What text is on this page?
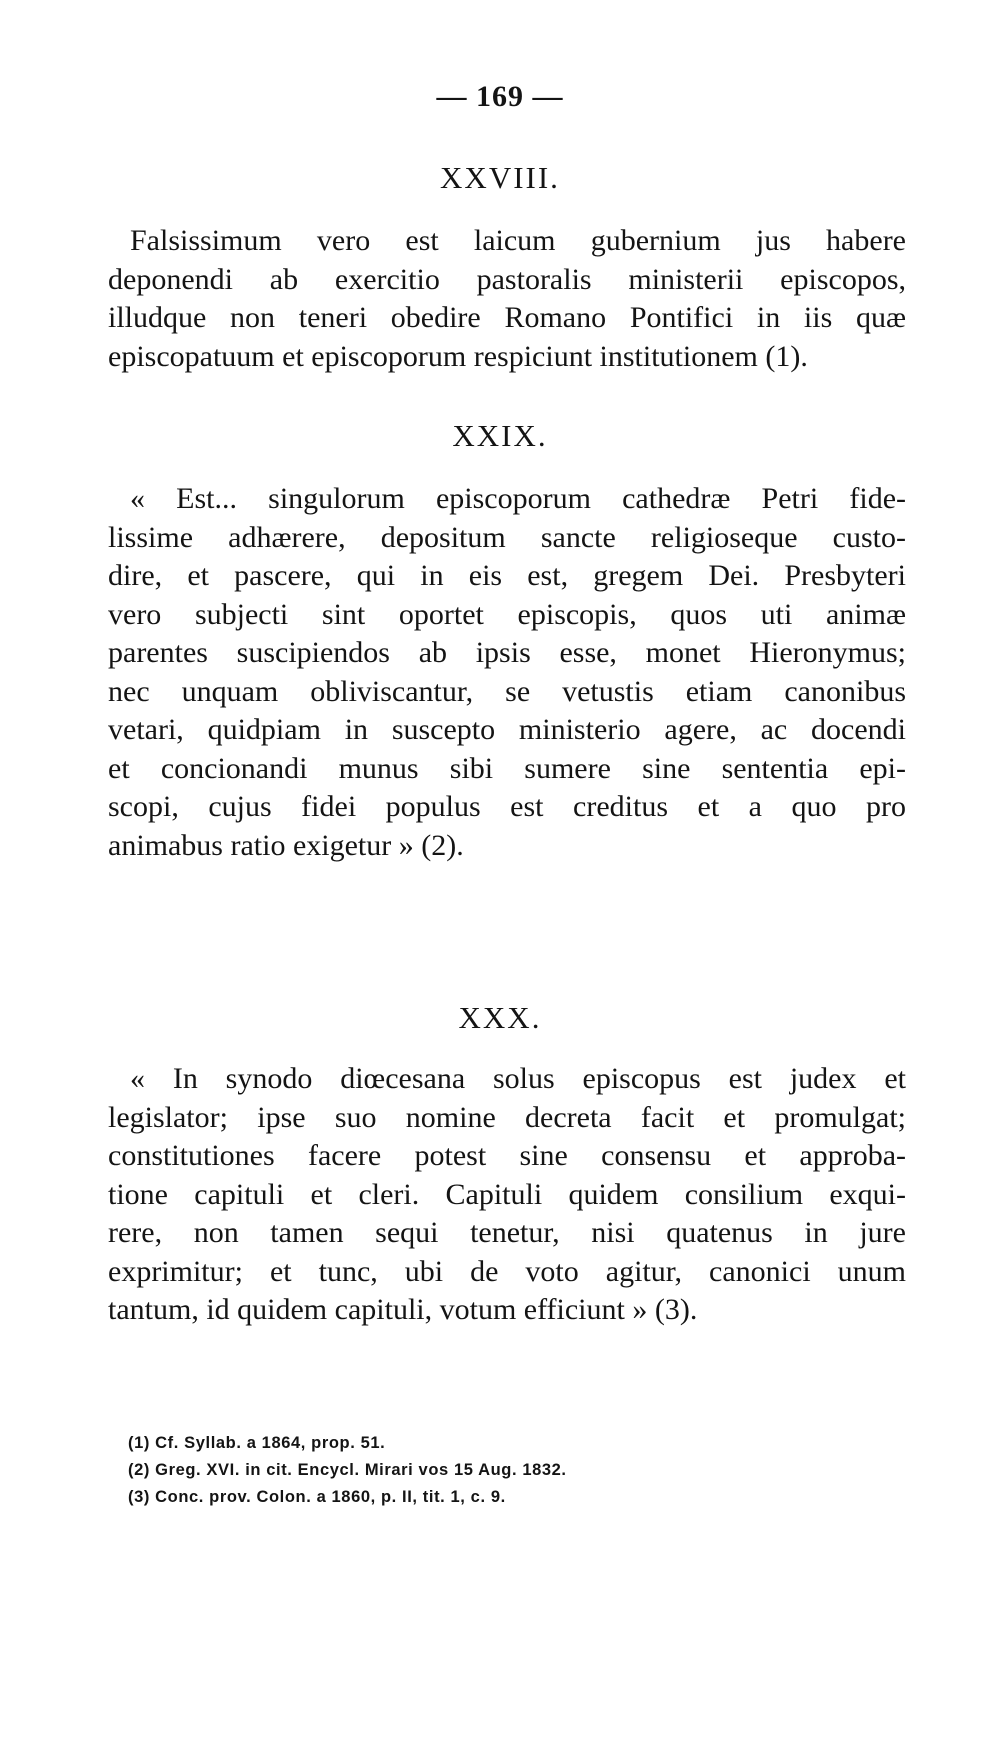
— 169 —
XXVIII.
Falsissimum vero est laicum gubernium jus habere
deponendi ab exercitio pastoralis ministerii episcopos,
illudque non teneri obedire Romano Pontifici in iis quæ
episcopatuum et episcoporum respiciunt institutionem (1).
XXIX.
« Est... singulorum episcoporum cathedræ Petri fide-
lissime adhærere, depositum sancte religioseque custo-
dire, et pascere, qui in eis est, gregem Dei. Presbyteri
vero subjecti sint oportet episcopis, quos uti animæ
parentes suscipiendos ab ipsis esse, monet Hieronymus;
nec unquam obliviscantur, se vetustis etiam canonibus
vetari, quidpiam in suscepto ministerio agere, ac docendi
et concionandi munus sibi sumere sine sententia epi-
scopi, cujus fidei populus est creditus et a quo pro
animabus ratio exigetur » (2).
XXX.
« In synodo diœcesana solus episcopus est judex et
legislator; ipse suo nomine decreta facit et promulgat;
constitutiones facere potest sine consensu et approba-
tione capituli et cleri. Capituli quidem consilium exqui-
rere, non tamen sequi tenetur, nisi quatenus in jure
exprimitur; et tunc, ubi de voto agitur, canonici unum
tantum, id quidem capituli, votum efficiunt » (3).
(1) Cf. Syllab. a 1864, prop. 51.
(2) Greg. XVI. in cit. Encycl. Mirari vos 15 Aug. 1832.
(3) Conc. prov. Colon. a 1860, p. II, tit. 1, c. 9.
